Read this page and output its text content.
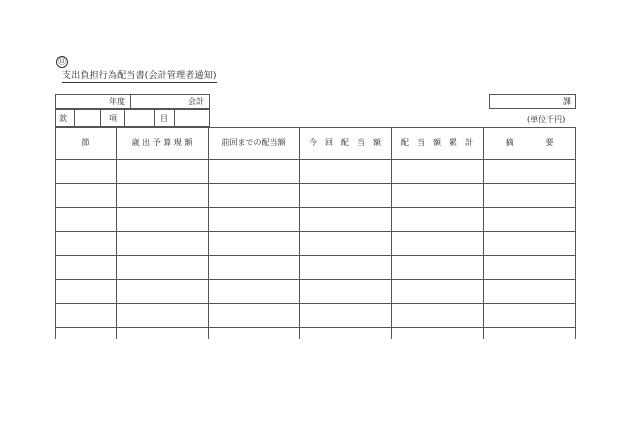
⑪
支出負担行為配当書(会計管理者通知)
年度	会計	課
款	項	目	(単位千円)
節	歳 出 予 算 現 額	前回までの配当額	今　回　配　当　額	配　当　額　累　計	摘　　　　要
